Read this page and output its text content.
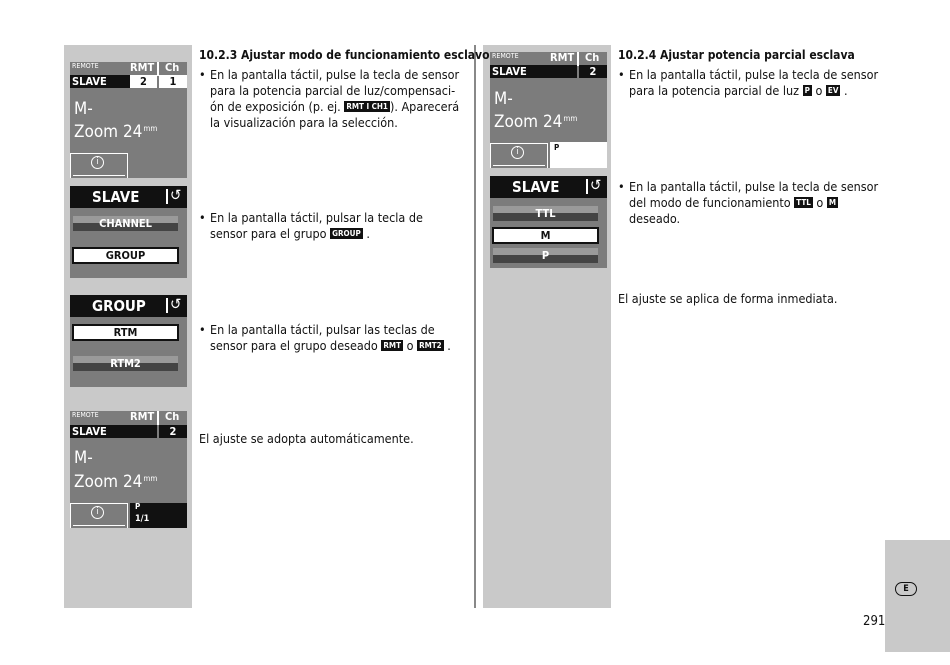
10.2.3 Ajustar modo de funcionamiento esclavo
• En la pantalla táctil, pulse la tecla de sensor para la potencia parcial de luz/compensaci-ón de exposición (p. ej. RMT I CH1 ). Aparecerá la visualización para la selección.
• En la pantalla táctil, pulsar la tecla de sensor para el grupo GROUP .
• En la pantalla táctil, pulsar las teclas de sensor para el grupo deseado RMT o RMT2 .
El ajuste se adopta automáticamente.
10.2.4 Ajustar potencia parcial esclava
• En la pantalla táctil, pulse la tecla de sensor para la potencia parcial de luz P o EV .
• En la pantalla táctil, pulse la tecla de sensor del modo de funcionamiento TTL o M deseado.
El ajuste se aplica de forma inmediata.
REMOTE	RMT Ch
SLAVE	2	1
M-
Zoom $24^{mm}$
i
SLAVE ↺
CHANNEL
GROUP
GROUP ↺
RTM
RTM2
REMOTE	RMT Ch
SLAVE	2
M-
Zoom $24^{mm}$
i
P
1/1
REMOTE	RMT Ch
SLAVE	2
M-
Zoom $24^{mm}$
i	P
SLAVE ↺
TTL
M
P
E
291
